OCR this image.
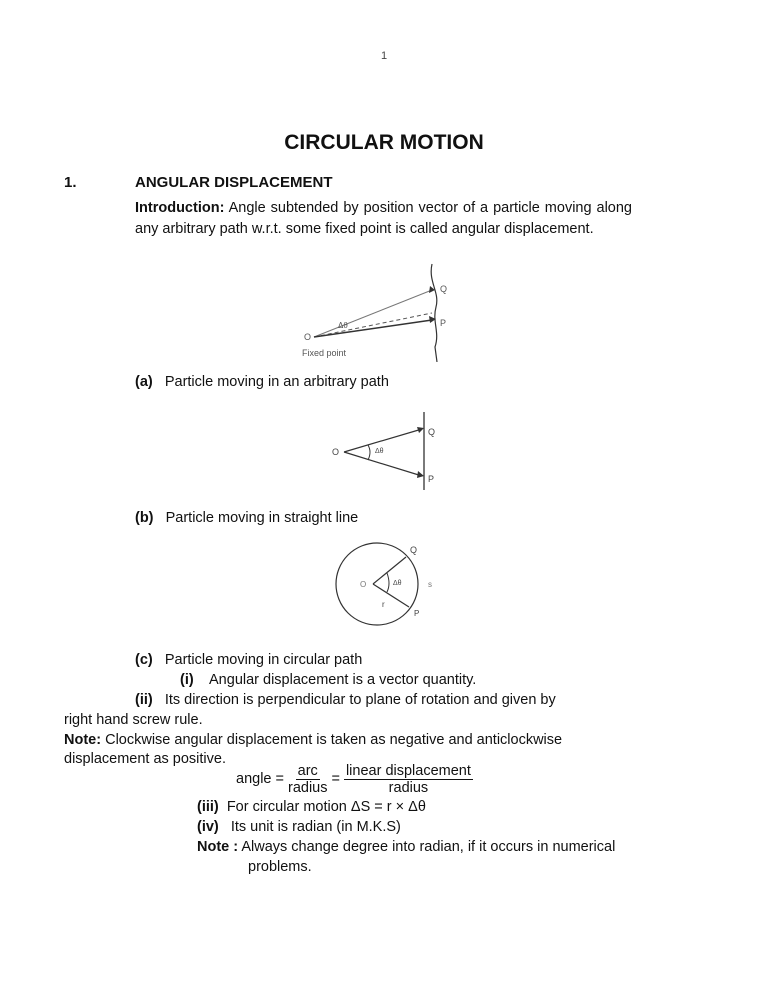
1
CIRCULAR MOTION
1.	ANGULAR DISPLACEMENT
Introduction: Angle subtended by position vector of a particle moving along any arbitrary path w.r.t. some fixed point is called angular displacement.
Q
P
Δθ
O
Fixed point
(a) Particle moving in an arbitrary path
Q
P
O	Δθ
(b) Particle moving in straight line
Q
P
O	Δθ
r
s
(c) Particle moving in circular path
(i) Angular displacement is a vector quantity.
(ii) Its direction is perpendicular to plane of rotation and given by
right hand screw rule.
Note: Clockwise angular displacement is taken as negative and anticlockwise
displacement as positive.
angle = $\frac{\text{arc}}{\text{radius}} = \frac{\text{linear displacement}}{\text{radius}}$
(iii) For circular motion ΔS = r × Δθ
(iv) Its unit is radian (in M.K.S)
Note : Always change degree into radian, if it occurs in numerical
problems.
